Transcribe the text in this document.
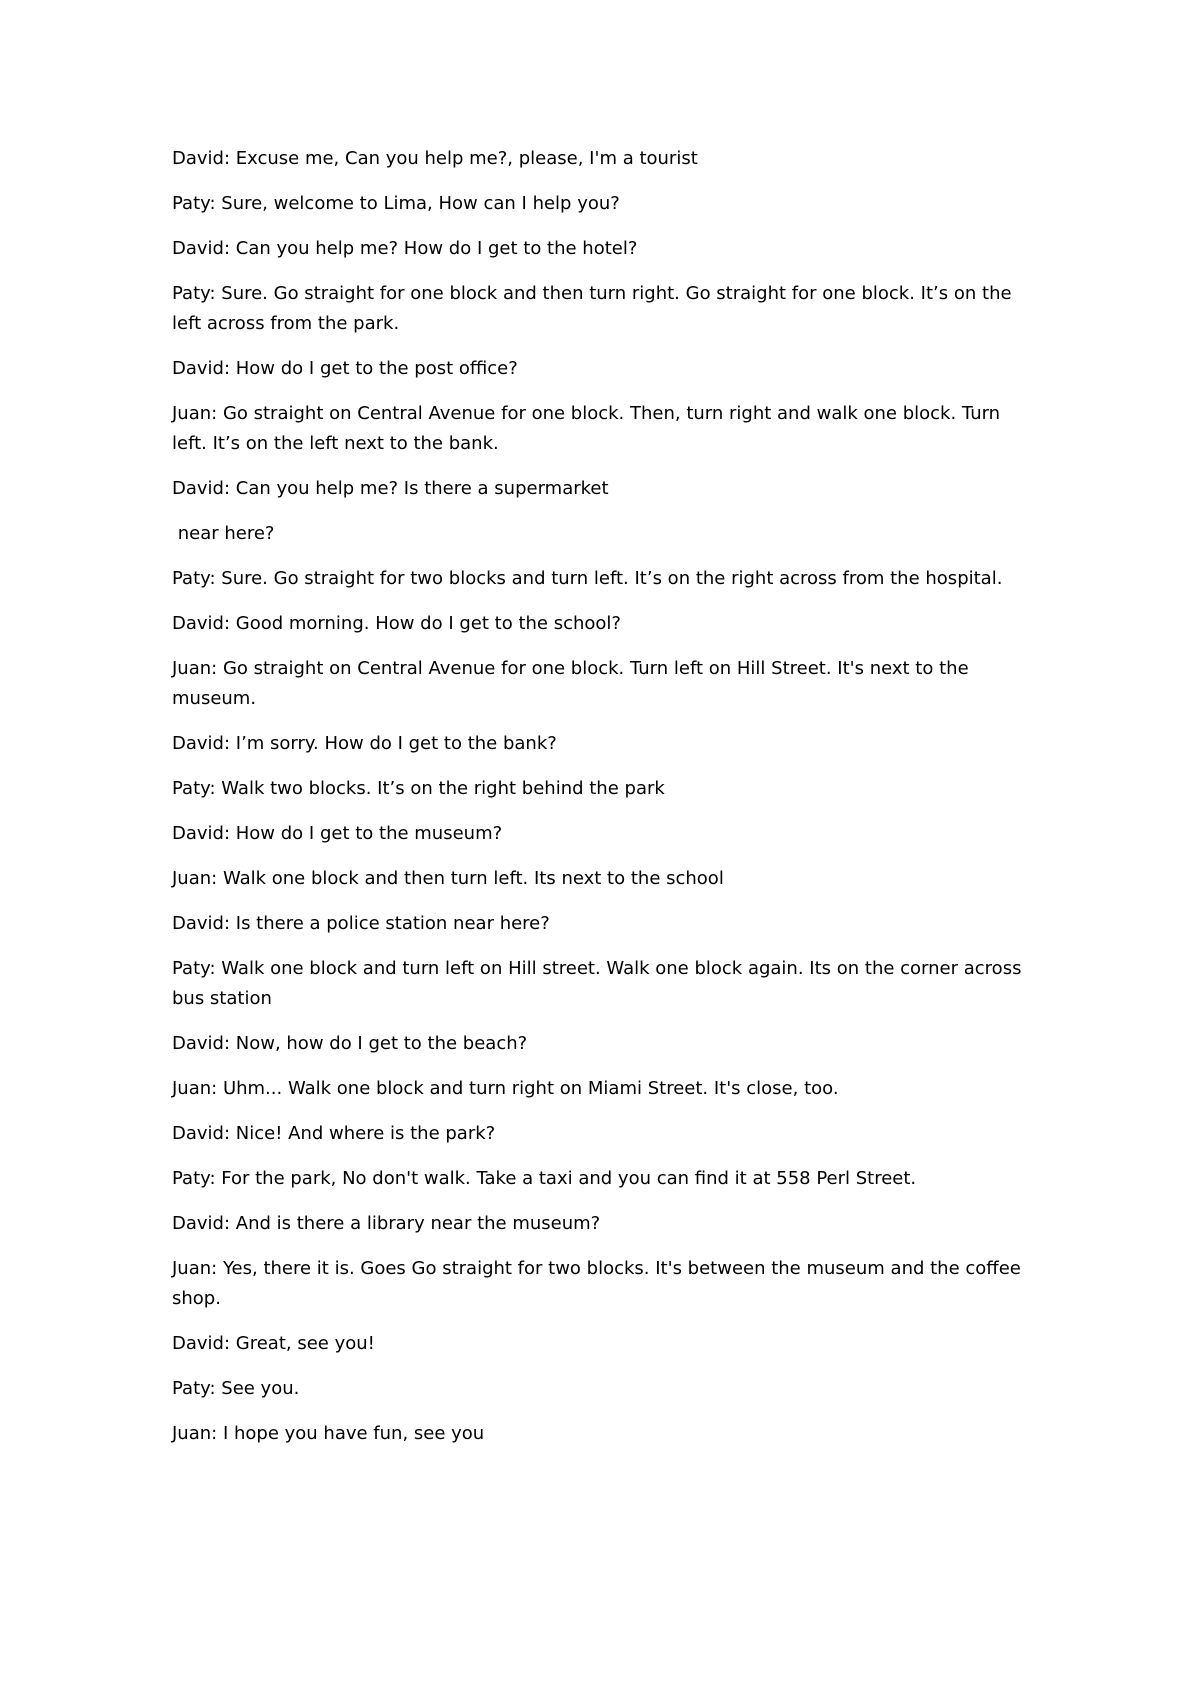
David: Excuse me, Can you help me?, please, I'm a tourist

Paty: Sure, welcome to Lima, How can I help you?

David: Can you help me? How do I get to the hotel?

Paty: Sure. Go straight for one block and then turn right. Go straight for one block. It’s on the left across from the park.

David: How do I get to the post office?

Juan: Go straight on Central Avenue for one block. Then, turn right and walk one block. Turn left. It’s on the left next to the bank.

David: Can you help me? Is there a supermarket

near here?

Paty: Sure. Go straight for two blocks and turn left. It’s on the right across from the hospital.

David: Good morning. How do I get to the school?

Juan: Go straight on Central Avenue for one block. Turn left on Hill Street. It's next to the museum.

David: I’m sorry. How do I get to the bank?

Paty: Walk two blocks. It’s on the right behind the park

David: How do I get to the museum?

Juan: Walk one block and then turn left. Its next to the school

David: Is there a police station near here?

Paty: Walk one block and turn left on Hill street. Walk one block again. Its on the corner across bus station

David: Now, how do I get to the beach?

Juan: Uhm... Walk one block and turn right on Miami Street. It's close, too.

David: Nice! And where is the park?

Paty: For the park, No don't walk. Take a taxi and you can find it at 558 Perl Street.

David: And is there a library near the museum?

Juan: Yes, there it is. Goes Go straight for two blocks. It's between the museum and the coffee shop.

David: Great, see you!

Paty: See you.

Juan: I hope you have fun, see you
